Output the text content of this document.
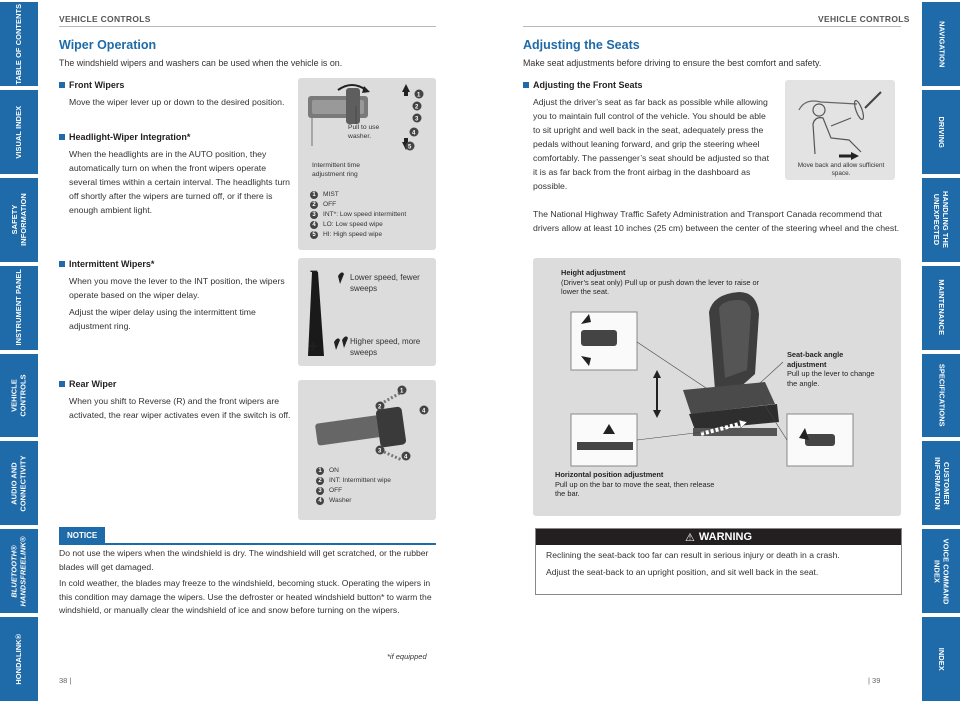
TABLE OF CONTENTS
VISUAL INDEX
SAFETY
INFORMATION
INSTRUMENT PANEL
VEHICLE
CONTROLS
AUDIO AND
CONNECTIVITY
BLUETOOTH®
HANDSFREELINK®
HONDALINK®
NAVIGATION
DRIVING
HANDLING THE
UNEXPECTED
MAINTENANCE
SPECIFICATIONS
CUSTOMER
INFORMATION
VOICE COMMAND
INDEX
INDEX
VEHICLE CONTROLS
Wiper Operation
The windshield wipers and washers can be used when the vehicle is on.
Front Wipers
Move the wiper lever up or down to the desired position.
Headlight-Wiper Integration*
When the headlights are in the AUTO position, they automatically turn on when the front wipers operate several times within a certain interval. The headlights turn off shortly after the wipers are turned off, or if there is enough ambient light.
Intermittent Wipers*

When you move the lever to the INT position, the wipers operate based on the wiper delay.

Adjust the wiper delay using the intermittent time adjustment ring.

Rear Wiper
When you shift to Reverse (R) and the front wipers are activated, the rear wiper activates even if the switch is off.
1
2
3
4
5
Pull to use washer.
Intermittent time adjustment ring
1	MIST
2	OFF
3	INT*: Low speed intermittent
4	LO: Low speed wipe
5	HI: High speed wipe
–
+
Lower speed, fewer sweeps
Higher speed, more sweeps
1
2
4
3
4
1	ON
2	INT: Intermittent wipe
3	OFF
4	Washer
NOTICE

Do not use the wipers when the windshield is dry. The windshield will get scratched, or the rubber blades will get damaged.

In cold weather, the blades may freeze to the windshield, becoming stuck. Operating the wipers in this condition may damage the wipers. Use the defroster or heated windshield button* to warm the windshield, or manually clear the windshield of ice and snow before turning on the wipers.

*if equipped
38 |
VEHICLE CONTROLS
Adjusting the Seats
Make seat adjustments before driving to ensure the best comfort and safety.
Adjusting the Front Seats
Adjust the driver’s seat as far back as possible while allowing you to maintain full control of the vehicle. You should be able to sit upright and well back in the seat, adequately press the pedals without leaning forward, and grip the steering wheel comfortably. The passenger’s seat should be adjusted so that it is as far back from the front airbag in the dashboard as possible.
The National Highway Traffic Safety Administration and Transport Canada recommend that drivers allow at least 10 inches (25 cm) between the center of the steering wheel and the chest.
Move back and allow sufficient space.
Height adjustment
(Driver’s seat only) Pull up or push down the lever to raise or lower the seat.
Seat-back angle adjustment
Pull up the lever to change the angle.
Horizontal position adjustment
Pull up on the bar to move the seat, then release the bar.
⚠ WARNING

Reclining the seat-back too far can result in serious injury or death in a crash.

Adjust the seat-back to an upright position, and sit well back in the seat.

| 39
